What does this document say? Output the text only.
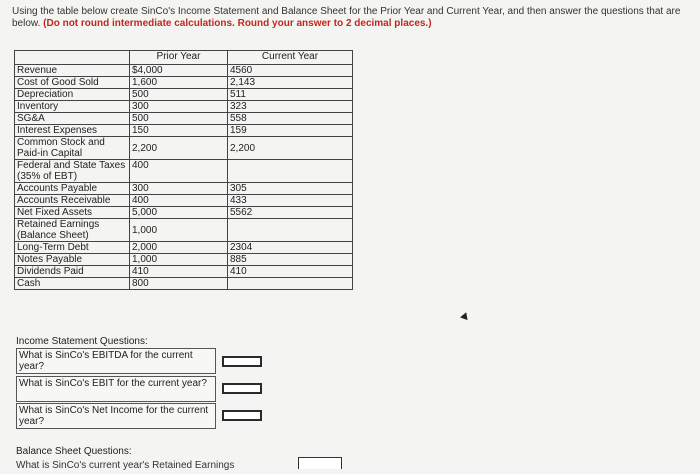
Using the table below create SinCo's Income Statement and Balance Sheet for the Prior Year and Current Year, and then answer the questions that are below. (Do not round intermediate calculations. Round your answer to 2 decimal places.)
	Prior Year	Current Year
Revenue	$4,000	4560
Cost of Good Sold	1,600	2,143
Depreciation	500	511
Inventory	300	323
SG&A	500	558
Interest Expenses	150	159
Common Stock and Paid-in Capital	2,200	2,200
Federal and State Taxes (35% of EBT)	400	
Accounts Payable	300	305
Accounts Receivable	400	433
Net Fixed Assets	5,000	5562
Retained Earnings (Balance Sheet)	1,000	
Long-Term Debt	2,000	2304
Notes Payable	1,000	885
Dividends Paid	410	410
Cash	800	
Income Statement Questions:
What is SinCo's EBITDA for the current year?
What is SinCo's EBIT for the current year?
What is SinCo's Net Income for the current year?
Balance Sheet Questions:
What is SinCo's current year's Retained Earnings
